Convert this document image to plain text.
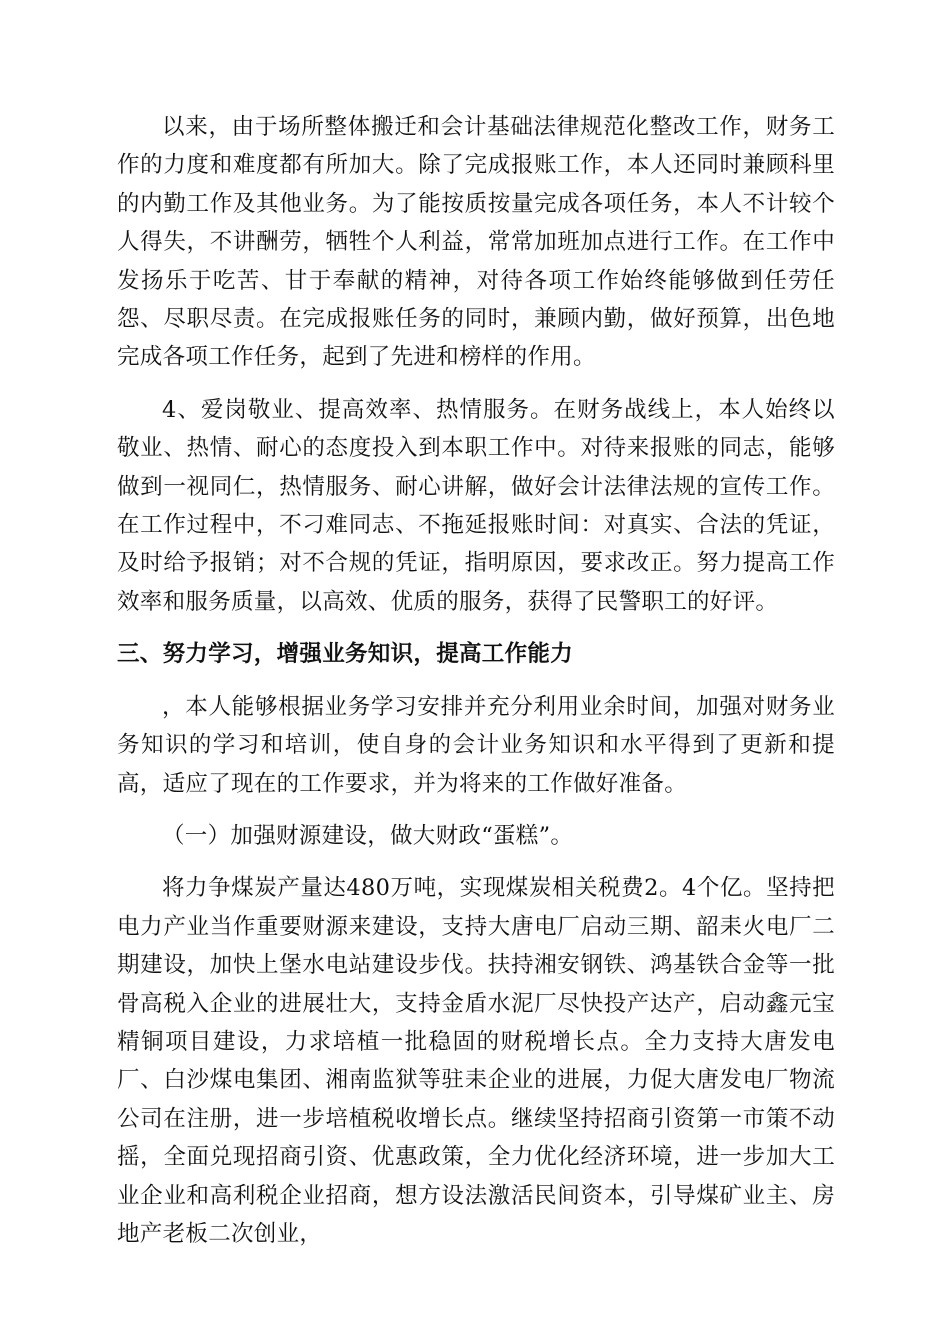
以来，由于场所整体搬迁和会计基础法律规范化整改工作，财务工作的力度和难度都有所加大。除了完成报账工作，本人还同时兼顾科里的内勤工作及其他业务。为了能按质按量完成各项任务，本人不计较个人得失，不讲酬劳，牺牲个人利益，常常加班加点进行工作。在工作中发扬乐于吃苦、甘于奉献的精神，对待各项工作始终能够做到任劳任怨、尽职尽责。在完成报账任务的同时，兼顾内勤，做好预算，出色地完成各项工作任务，起到了先进和榜样的作用。

4、爱岗敬业、提高效率、热情服务。在财务战线上，本人始终以敬业、热情、耐心的态度投入到本职工作中。对待来报账的同志，能够做到一视同仁，热情服务、耐心讲解，做好会计法律法规的宣传工作。在工作过程中，不刁难同志、不拖延报账时间：对真实、合法的凭证，及时给予报销；对不合规的凭证，指明原因，要求改正。努力提高工作效率和服务质量，以高效、优质的服务，获得了民警职工的好评。

三、努力学习，增强业务知识，提高工作能力

，本人能够根据业务学习安排并充分利用业余时间，加强对财务业务知识的学习和培训，使自身的会计业务知识和水平得到了更新和提高，适应了现在的工作要求，并为将来的工作做好准备。

（一）加强财源建设，做大财政“蛋糕”。

将力争煤炭产量达480万吨，实现煤炭相关税费2。4个亿。坚持把电力产业当作重要财源来建设，支持大唐电厂启动三期、韶耒火电厂二期建设，加快上堡水电站建设步伐。扶持湘安钢铁、鸿基铁合金等一批骨高税入企业的进展壮大，支持金盾水泥厂尽快投产达产，启动鑫元宝精铜项目建设，力求培植一批稳固的财税增长点。全力支持大唐发电厂、白沙煤电集团、湘南监狱等驻耒企业的进展，力促大唐发电厂物流公司在注册，进一步培植税收增长点。继续坚持招商引资第一市策不动摇，全面兑现招商引资、优惠政策，全力优化经济环境，进一步加大工业企业和高利税企业招商，想方设法激活民间资本，引导煤矿业主、房地产老板二次创业，
